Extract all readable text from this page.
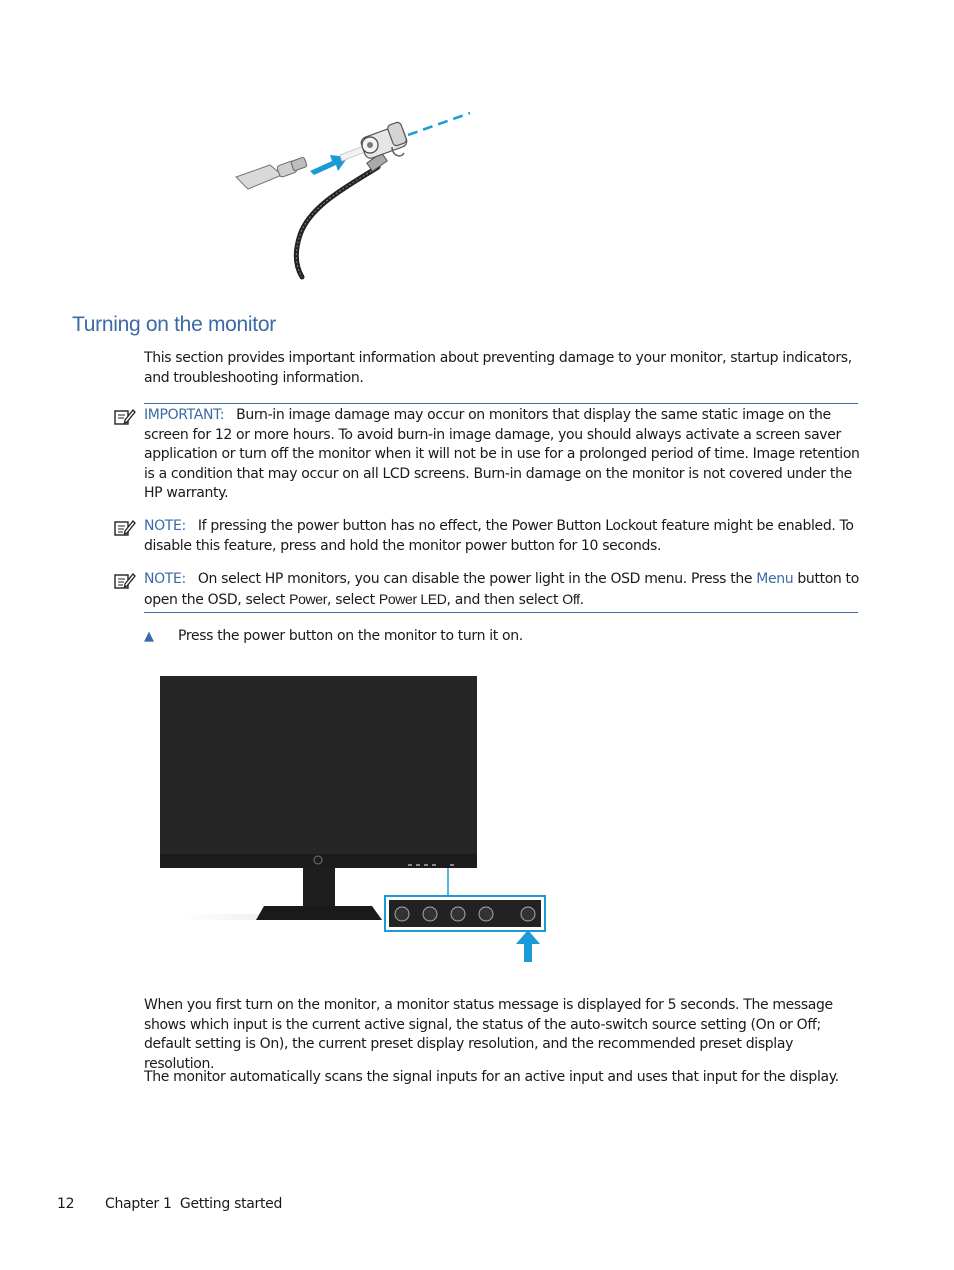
Turning on the monitor
This section provides important information about preventing damage to your monitor, startup indicators, and troubleshooting information.
IMPORTANT: Burn-in image damage may occur on monitors that display the same static image on the screen for 12 or more hours. To avoid burn-in image damage, you should always activate a screen saver application or turn off the monitor when it will not be in use for a prolonged period of time. Image retention is a condition that may occur on all LCD screens. Burn-in damage on the monitor is not covered under the HP warranty.
NOTE: If pressing the power button has no effect, the Power Button Lockout feature might be enabled. To disable this feature, press and hold the monitor power button for 10 seconds.
NOTE: On select HP monitors, you can disable the power light in the OSD menu. Press the Menu button to open the OSD, select Power, select Power LED, and then select Off.
▲ Press the power button on the monitor to turn it on.
When you first turn on the monitor, a monitor status message is displayed for 5 seconds. The message shows which input is the current active signal, the status of the auto-switch source setting (On or Off; default setting is On), the current preset display resolution, and the recommended preset display resolution.
The monitor automatically scans the signal inputs for an active input and uses that input for the display.
12 Chapter 1  Getting started
